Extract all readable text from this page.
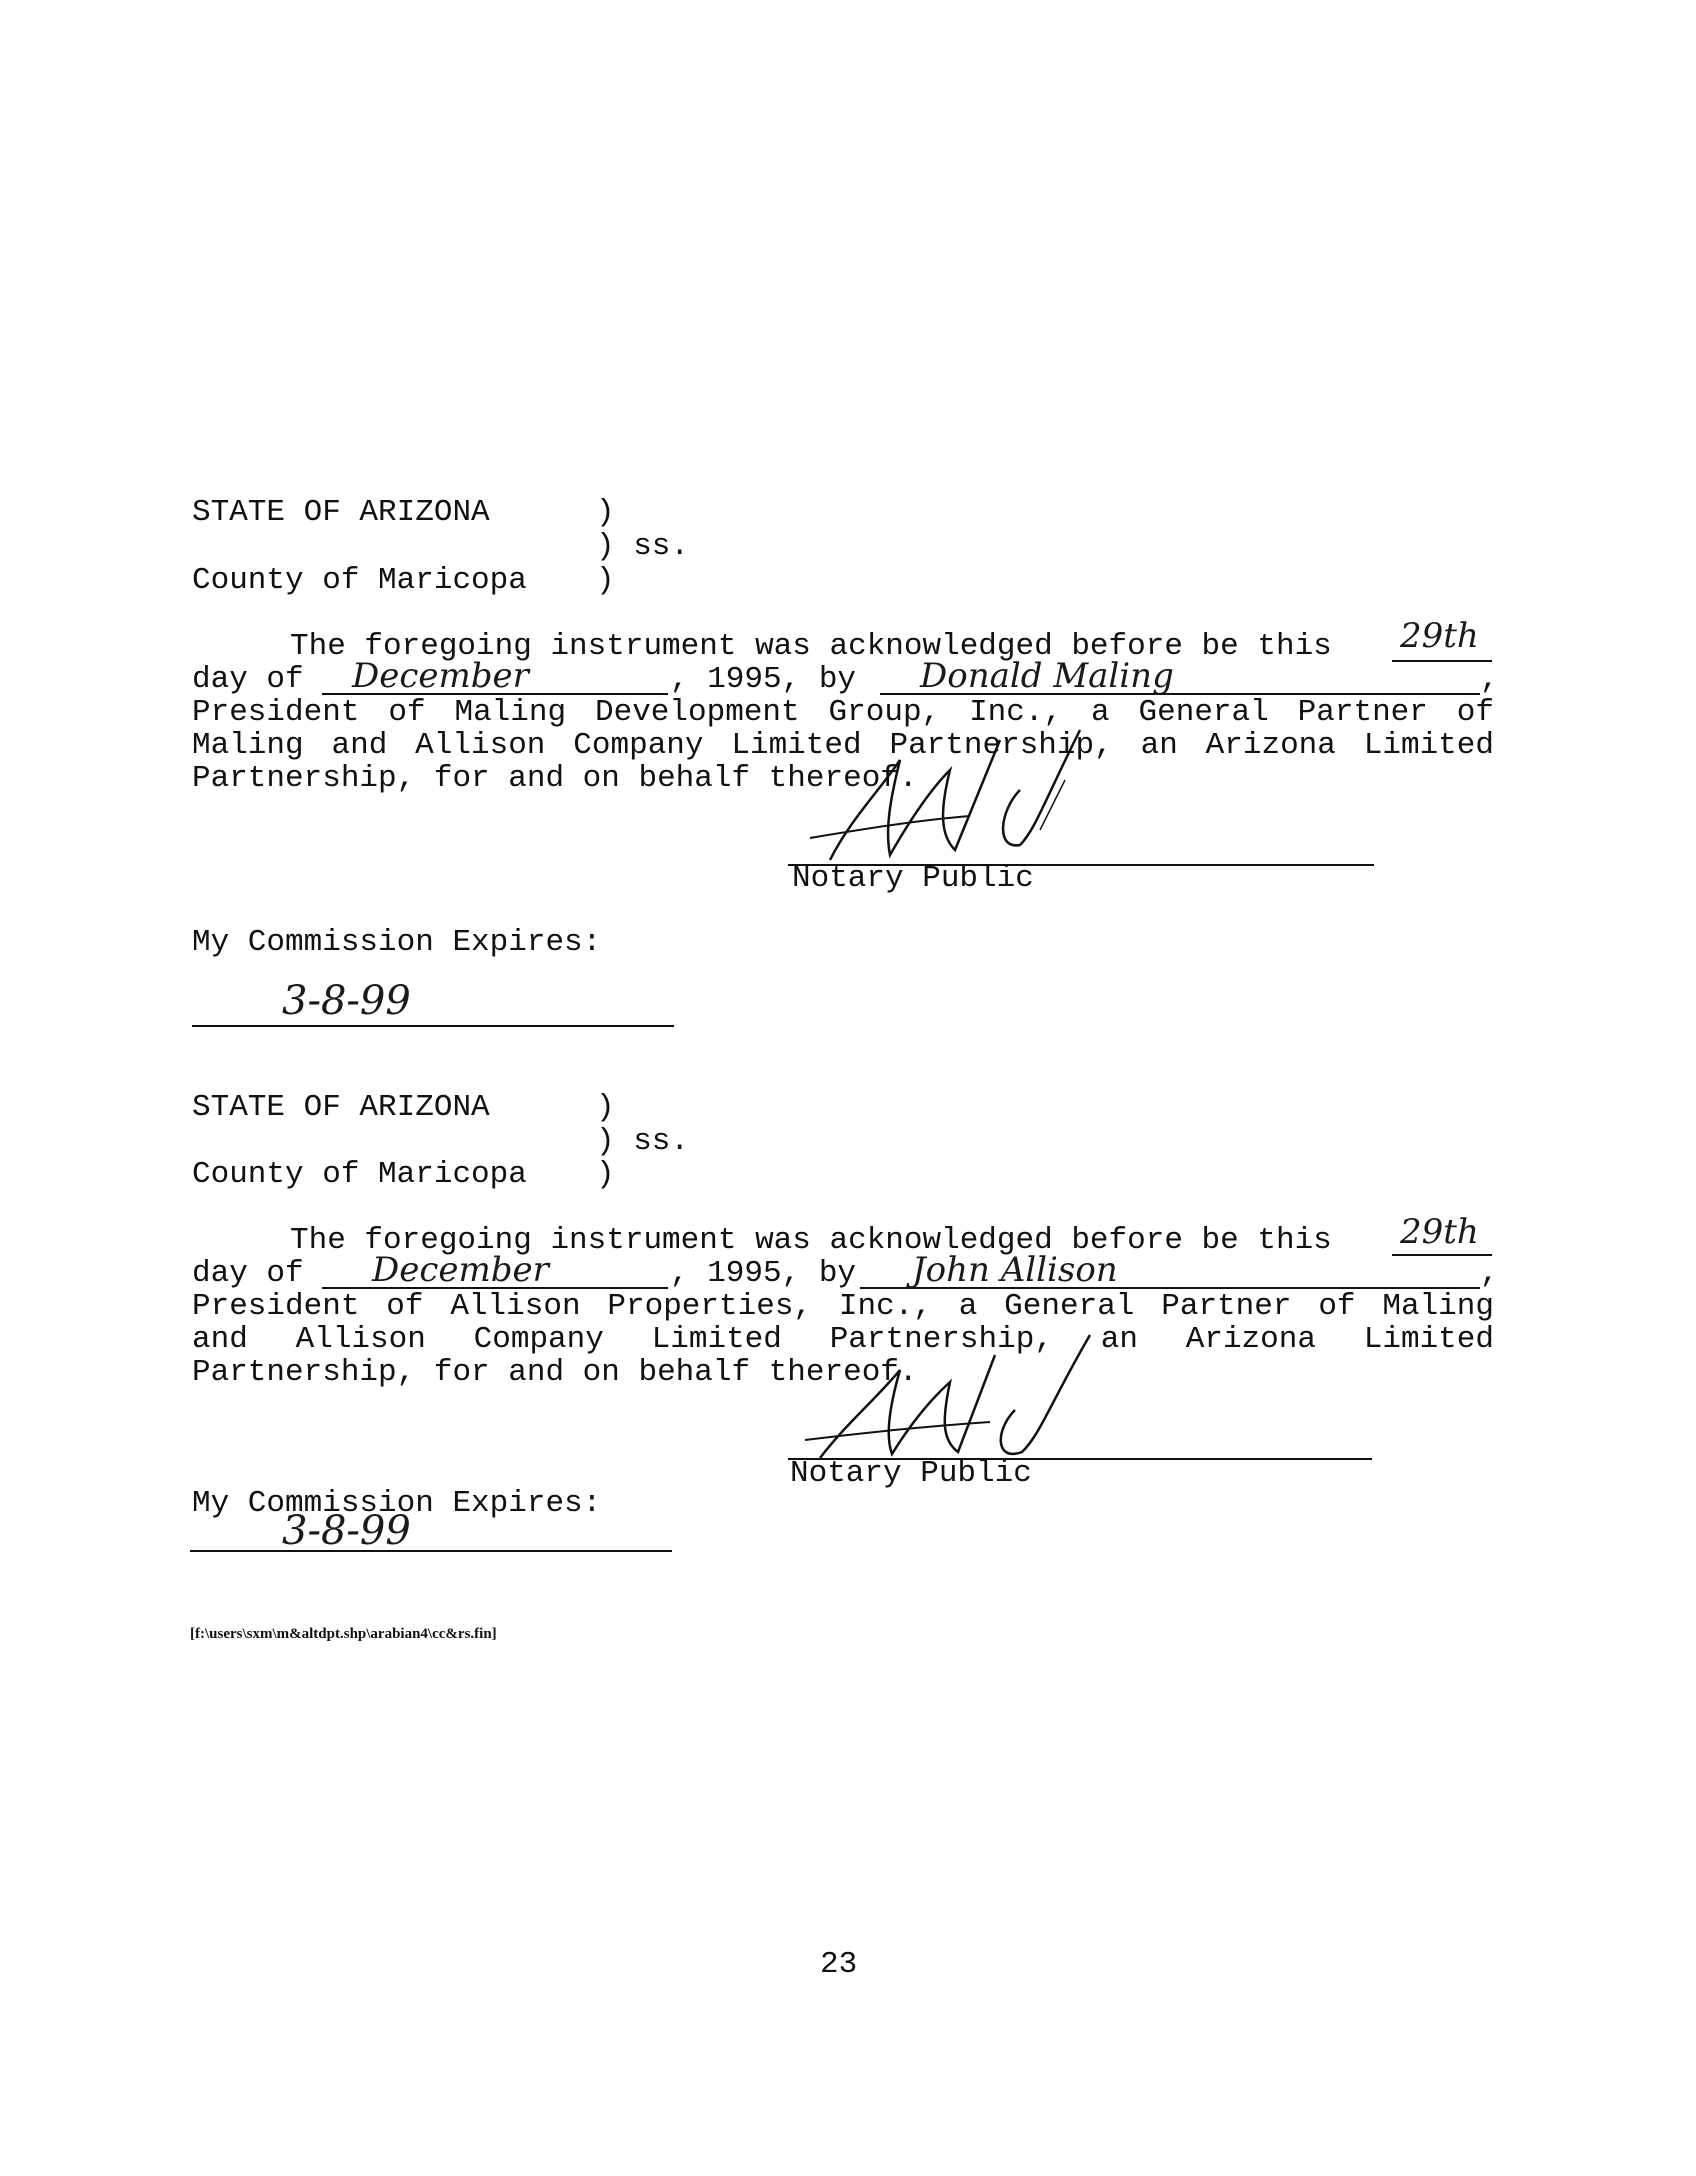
STATE OF ARIZONA	)
) ss.
County of Maricopa )
The foregoing instrument was acknowledged before be this 29th
day of December	, 1995, by Donald Maling	,
President of Maling Development Group, Inc., a General Partner of
Maling and Allison Company Limited Partnership, an Arizona Limited
Partnership, for and on behalf thereof.
Notary Public
My Commission Expires:
3-8-99
STATE OF ARIZONA	)
) ss.
County of Maricopa )
The foregoing instrument was acknowledged before be this 29th
day of December	, 1995, by John Allison	,
President of Allison Properties, Inc., a General Partner of Maling
and Allison Company Limited Partnership, an Arizona Limited
Partnership, for and on behalf thereof.
Notary Public
My Commission Expires:
3-8-99
[f:\users\sxm\m&altdpt.shp\arabian4\cc&rs.fin]
23
